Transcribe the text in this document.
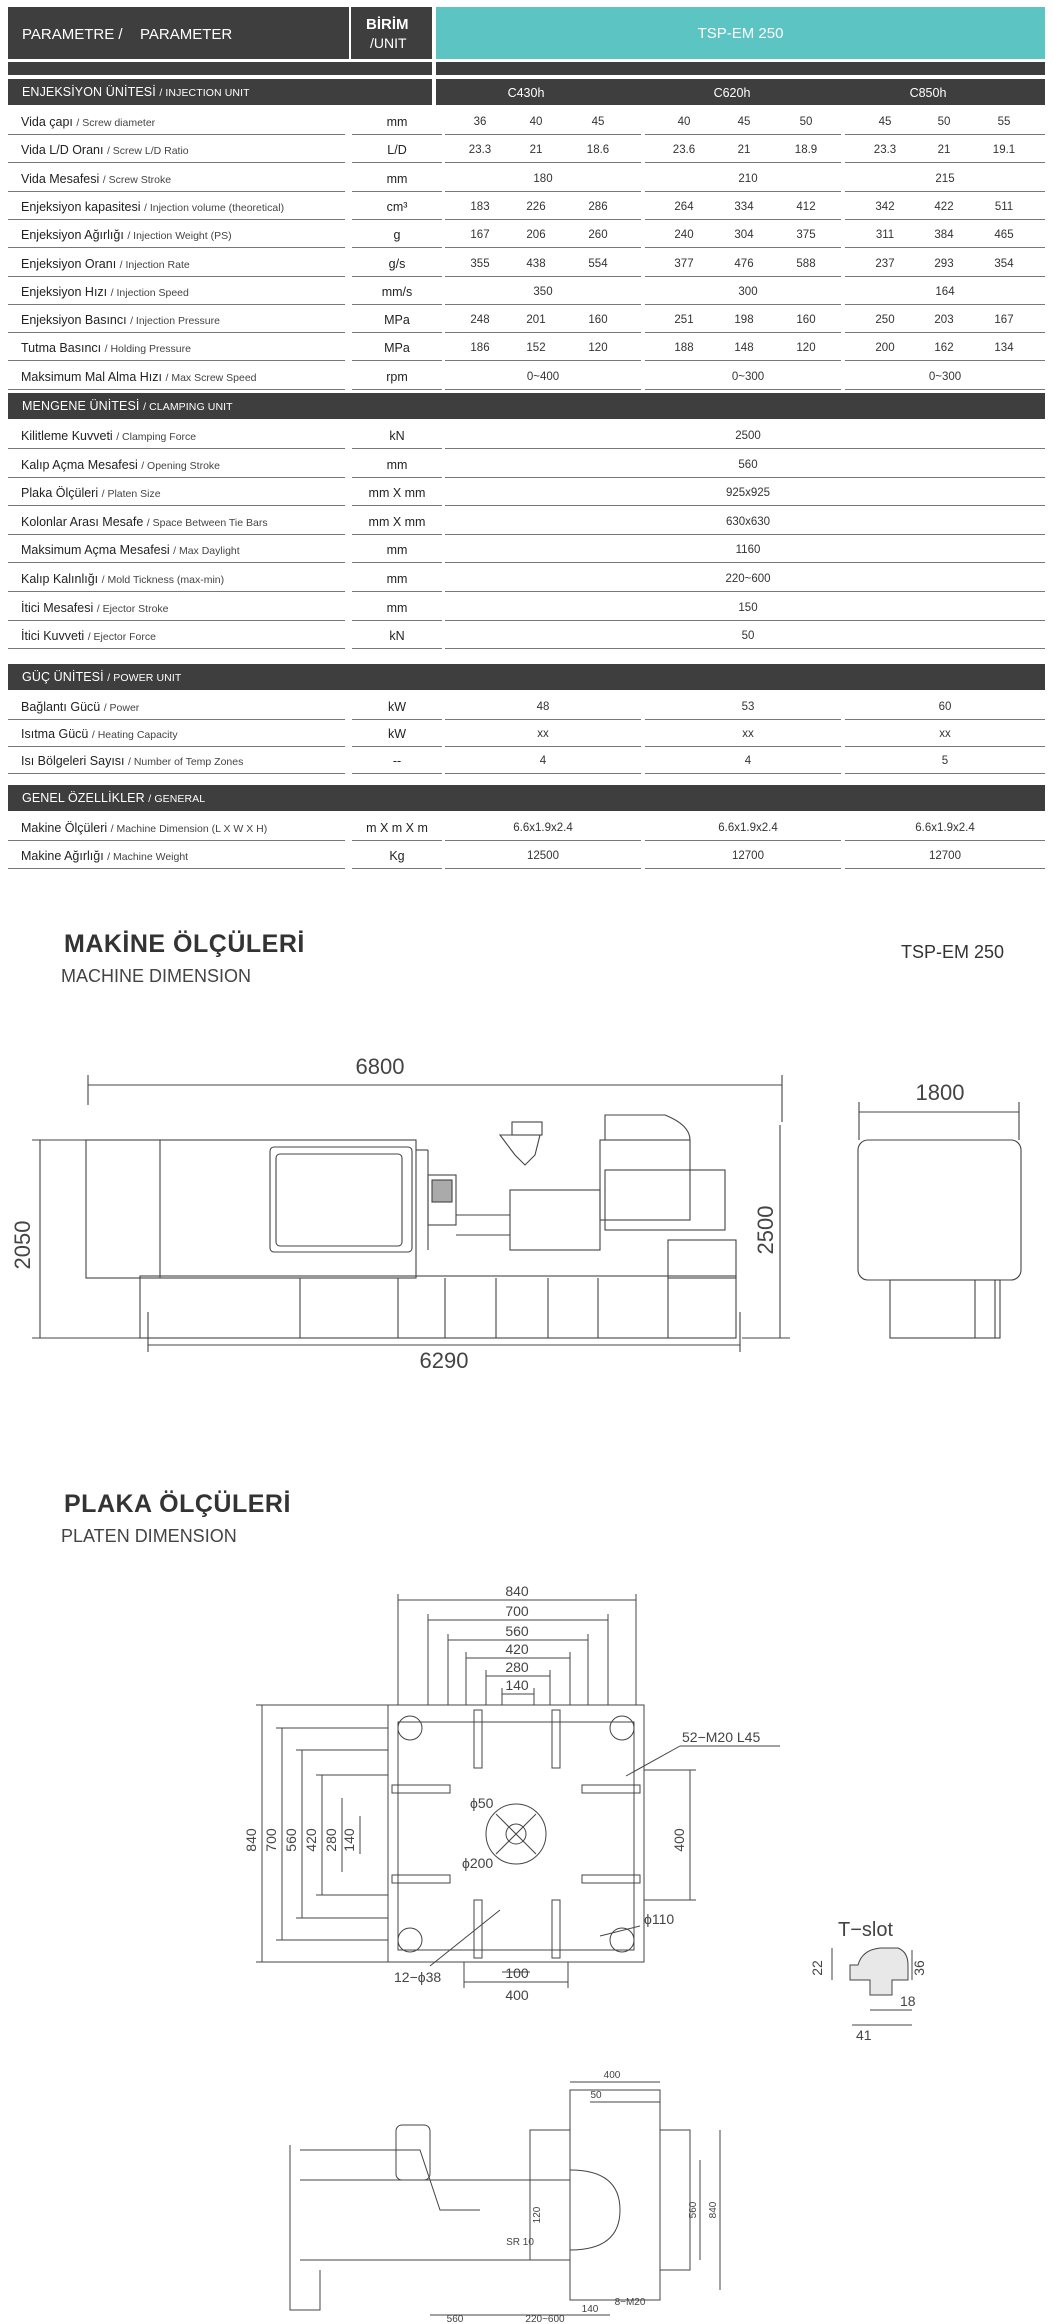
PARAMETRE / PARAMETER
BİRİM
/UNIT
TSP-EM 250
ENJEKSİYON ÜNİTESİ / INJECTION UNIT	C430h	C620h	C850h
Vida çapı / Screw diameter	mm	36	40	45	40	45	50	45	50	55
Vida L/D Oranı / Screw L/D Ratio	L/D	23.3	21	18.6	23.6	21	18.9	23.3	21	19.1
Vida Mesafesi / Screw Stroke	mm	180	210	215
Enjeksiyon kapasitesi / Injection volume (theoretical)	cm³	183	226	286	264	334	412	342	422	511
Enjeksiyon Ağırlığı / Injection Weight (PS)	g	167	206	260	240	304	375	311	384	465
Enjeksiyon Oranı / Injection Rate	g/s	355	438	554	377	476	588	237	293	354
Enjeksiyon Hızı / Injection Speed	mm/s	350	300	164
Enjeksiyon Basıncı / Injection Pressure	MPa	248	201	160	251	198	160	250	203	167
Tutma Basıncı / Holding Pressure	MPa	186	152	120	188	148	120	200	162	134
Maksimum Mal Alma Hızı / Max Screw Speed	rpm	0~400	0~300	0~300
MENGENE ÜNİTESİ / CLAMPING UNIT
Kilitleme Kuvveti / Clamping Force	kN	2500
Kalıp Açma Mesafesi / Opening Stroke	mm	560
Plaka Ölçüleri / Platen Size	mm X mm	925x925
Kolonlar Arası Mesafe / Space Between Tie Bars	mm X mm	630x630
Maksimum Açma Mesafesi / Max Daylight	mm	1160
Kalıp Kalınlığı / Mold Tickness (max-min)	mm	220~600
İtici Mesafesi / Ejector Stroke	mm	150
İtici Kuvveti / Ejector Force	kN	50
GÜÇ ÜNİTESİ / POWER UNIT
Bağlantı Gücü / Power	kW	48	53	60
Isıtma Gücü / Heating Capacity	kW	xx	xx	xx
Isı Bölgeleri Sayısı / Number of Temp Zones	--	4	4	5
GENEL ÖZELLİKLER / GENERAL
Makine Ölçüleri / Machine Dimension (L X W X H)	m X m X m	6.6x1.9x2.4	6.6x1.9x2.4	6.6x1.9x2.4
Makine Ağırlığı / Machine Weight	Kg	12500	12700	12700
MAKİNE ÖLÇÜLERİ
MACHINE DIMENSION
TSP-EM 250
6800
6290
2050	2500
1800
PLAKA ÖLÇÜLERİ
PLATEN DIMENSION
840
700
560
420
280
140
840 700 560 420 280 140
100
400
400
52−M20 L45
ϕ50
ϕ200
ϕ110
12−ϕ38
T−slot
22	36
18
41
400
50
120
SR 10
560 840
8−M20
140
560	220~600
